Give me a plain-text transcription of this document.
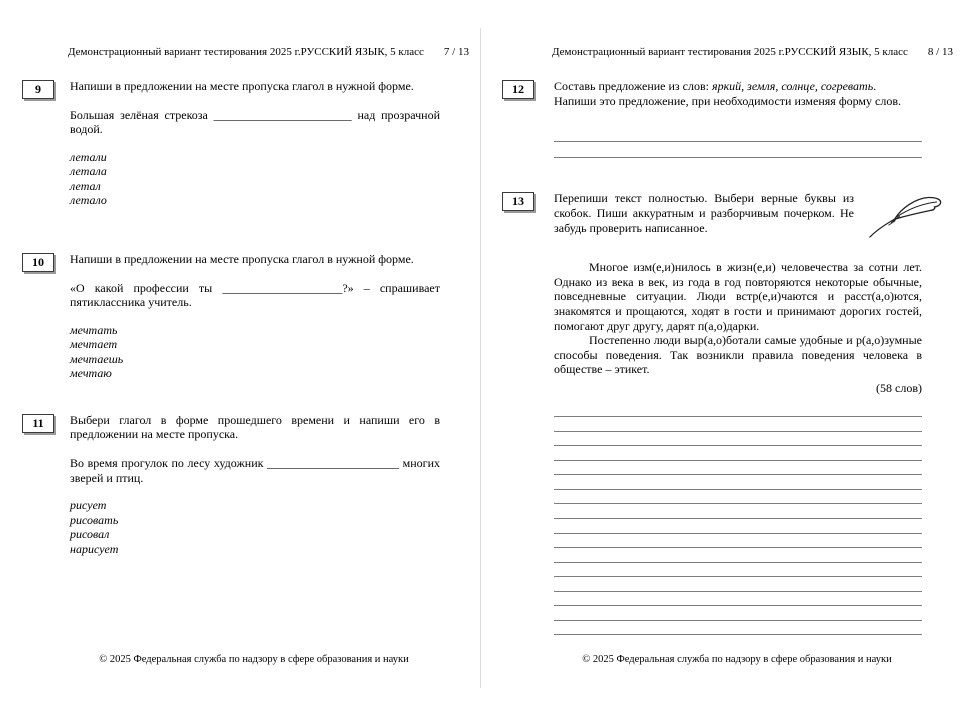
Демонстрационный вариант тестирования 2025 г. РУССКИЙ ЯЗЫК, 5 класс 7 / 13
9 Напиши в предложении на месте пропуска глагол в нужной форме.

Большая зелёная стрекоза _______________________ над прозрачной водой.

летали
летала
летал
летало
10 Напиши в предложении на месте пропуска глагол в нужной форме.

«О какой профессии ты ____________________?» – спрашивает пятиклассника учитель.

мечтать
мечтает
мечтаешь
мечтаю
11 Выбери глагол в форме прошедшего времени и напиши его в предложении на месте пропуска.

Во время прогулок по лесу художник ______________________ многих зверей и птиц.

рисует
рисовать
рисовал
нарисует
© 2025 Федеральная служба по надзору в сфере образования и науки
Демонстрационный вариант тестирования 2025 г. РУССКИЙ ЯЗЫК, 5 класс 8 / 13
12	Составь предложение из слов: яркий, земля, солнце, согревать.

Напиши это предложение, при необходимости изменяя форму слов.

13	Перепиши текст полностью. Выбери верные буквы из скобок. Пиши аккуратным и разборчивым почерком. Не забудь проверить написанное.

Многое изм(е,и)нилось в жизн(е,и) человечества за сотни лет. Однако из века в век, из года в год повторяются некоторые обычные, повседневные ситуации. Люди встр(е,и)чаются и расст(а,о)ются, знакомятся и прощаются, ходят в гости и принимают дорогих гостей, помогают друг другу, дарят п(а,о)дарки.

Постепенно люди выр(а,о)ботали самые удобные и р(а,о)зумные способы поведения. Так возникли правила поведения человека в обществе – этикет.

(58 слов)

© 2025 Федеральная служба по надзору в сфере образования и науки
